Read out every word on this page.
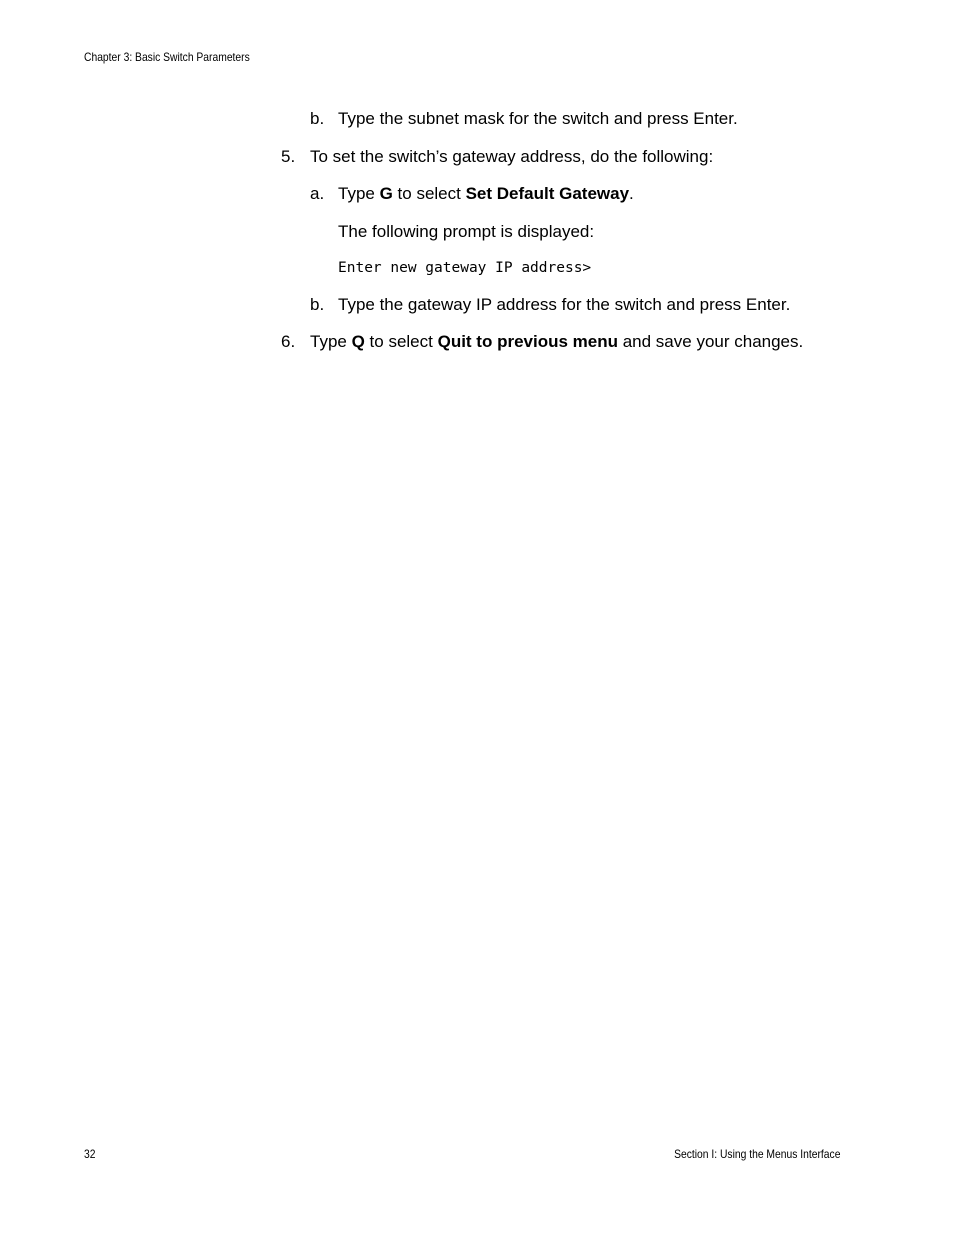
Chapter 3: Basic Switch Parameters
b. Type the subnet mask for the switch and press Enter.
5. To set the switch’s gateway address, do the following:
a. Type G to select Set Default Gateway.
The following prompt is displayed:
Enter new gateway IP address>
b. Type the gateway IP address for the switch and press Enter.
6. Type Q to select Quit to previous menu and save your changes.
32	Section I: Using the Menus Interface
